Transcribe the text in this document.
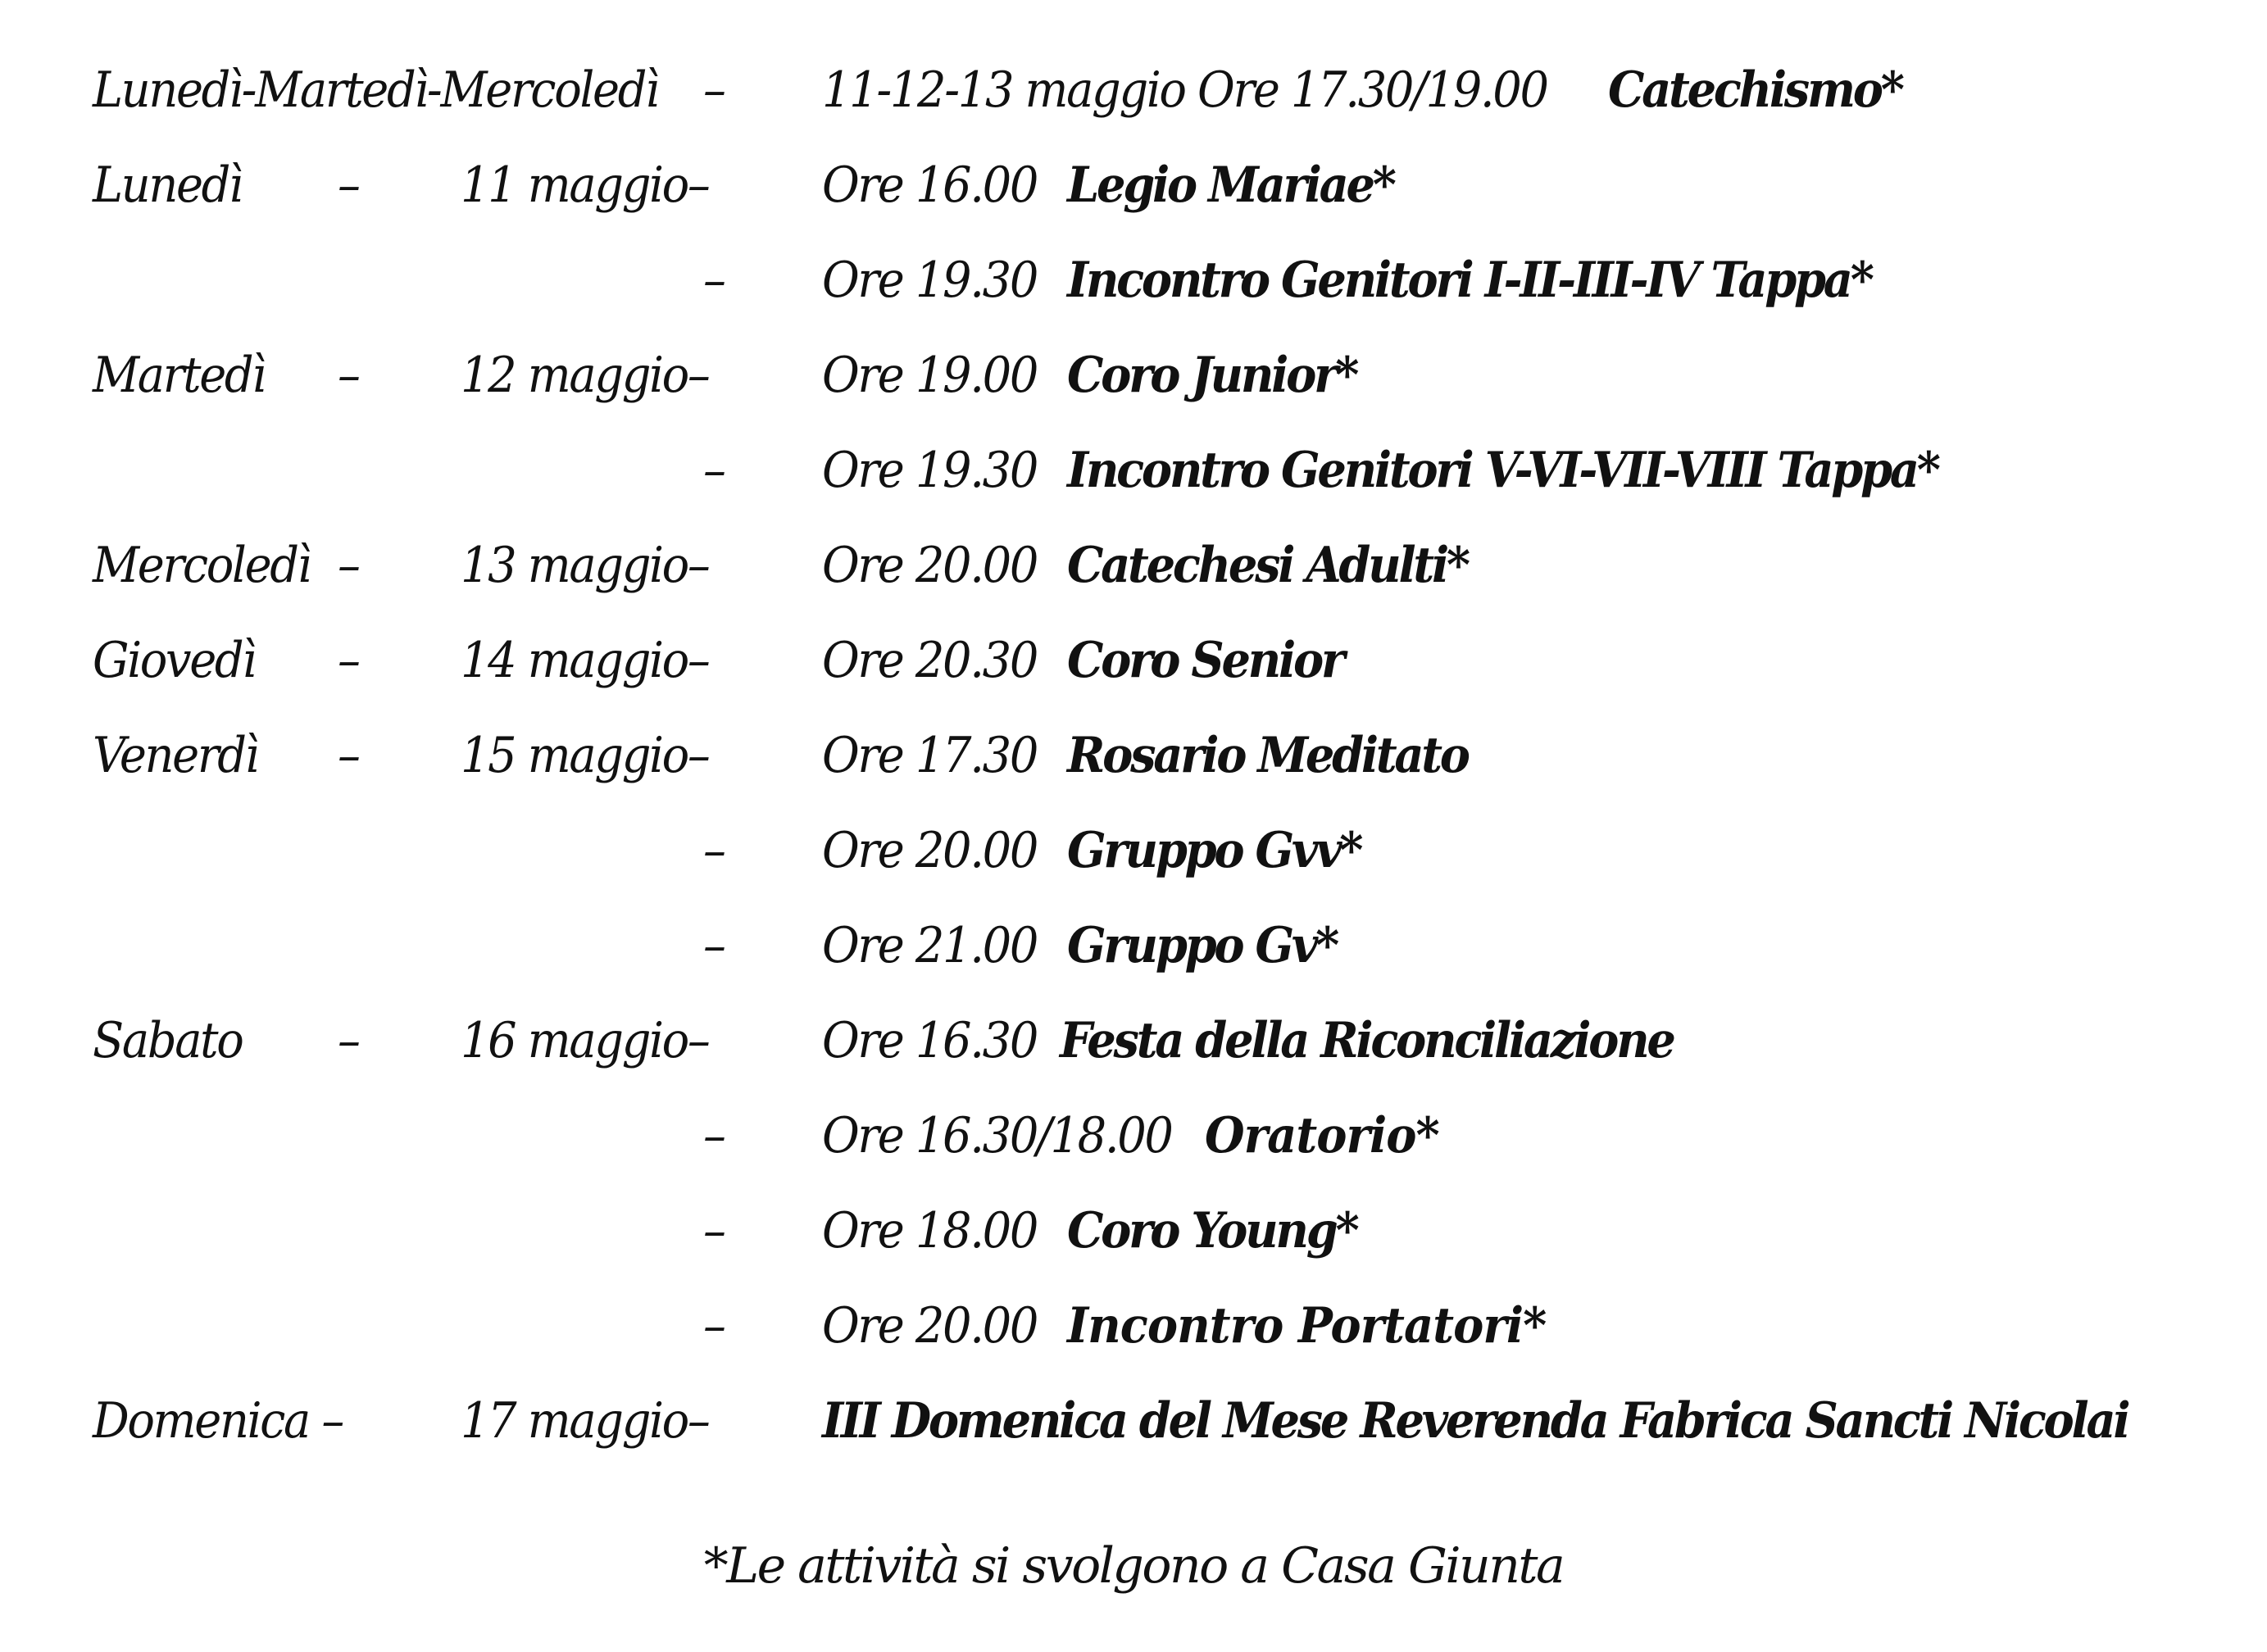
Lunedì-Martedì-Mercoledì – 11-12-13 maggio Ore 17.30/19.00 Catechismo*
Lunedì – 11 maggio– Ore 16.00 Legio Mariae*
– Ore 19.30 Incontro Genitori I-II-III-IV Tappa*
Martedì – 12 maggio– Ore 19.00 Coro Junior*
– Ore 19.30 Incontro Genitori V-VI-VII-VIII Tappa*
Mercoledì – 13 maggio– Ore 20.00 Catechesi Adulti*
Giovedì – 14 maggio– Ore 20.30 Coro Senior
Venerdì – 15 maggio– Ore 17.30 Rosario Meditato
– Ore 20.00 Gruppo Gvv*
– Ore 21.00 Gruppo Gv*
Sabato – 16 maggio– Ore 16.30 Festa della Riconciliazione
– Ore 16.30/18.00 Oratorio*
– Ore 18.00 Coro Young*
– Ore 20.00 Incontro Portatori*
Domenica – 17 maggio– III Domenica del Mese Reverenda Fabrica Sancti Nicolai
*Le attività si svolgono a Casa Giunta
